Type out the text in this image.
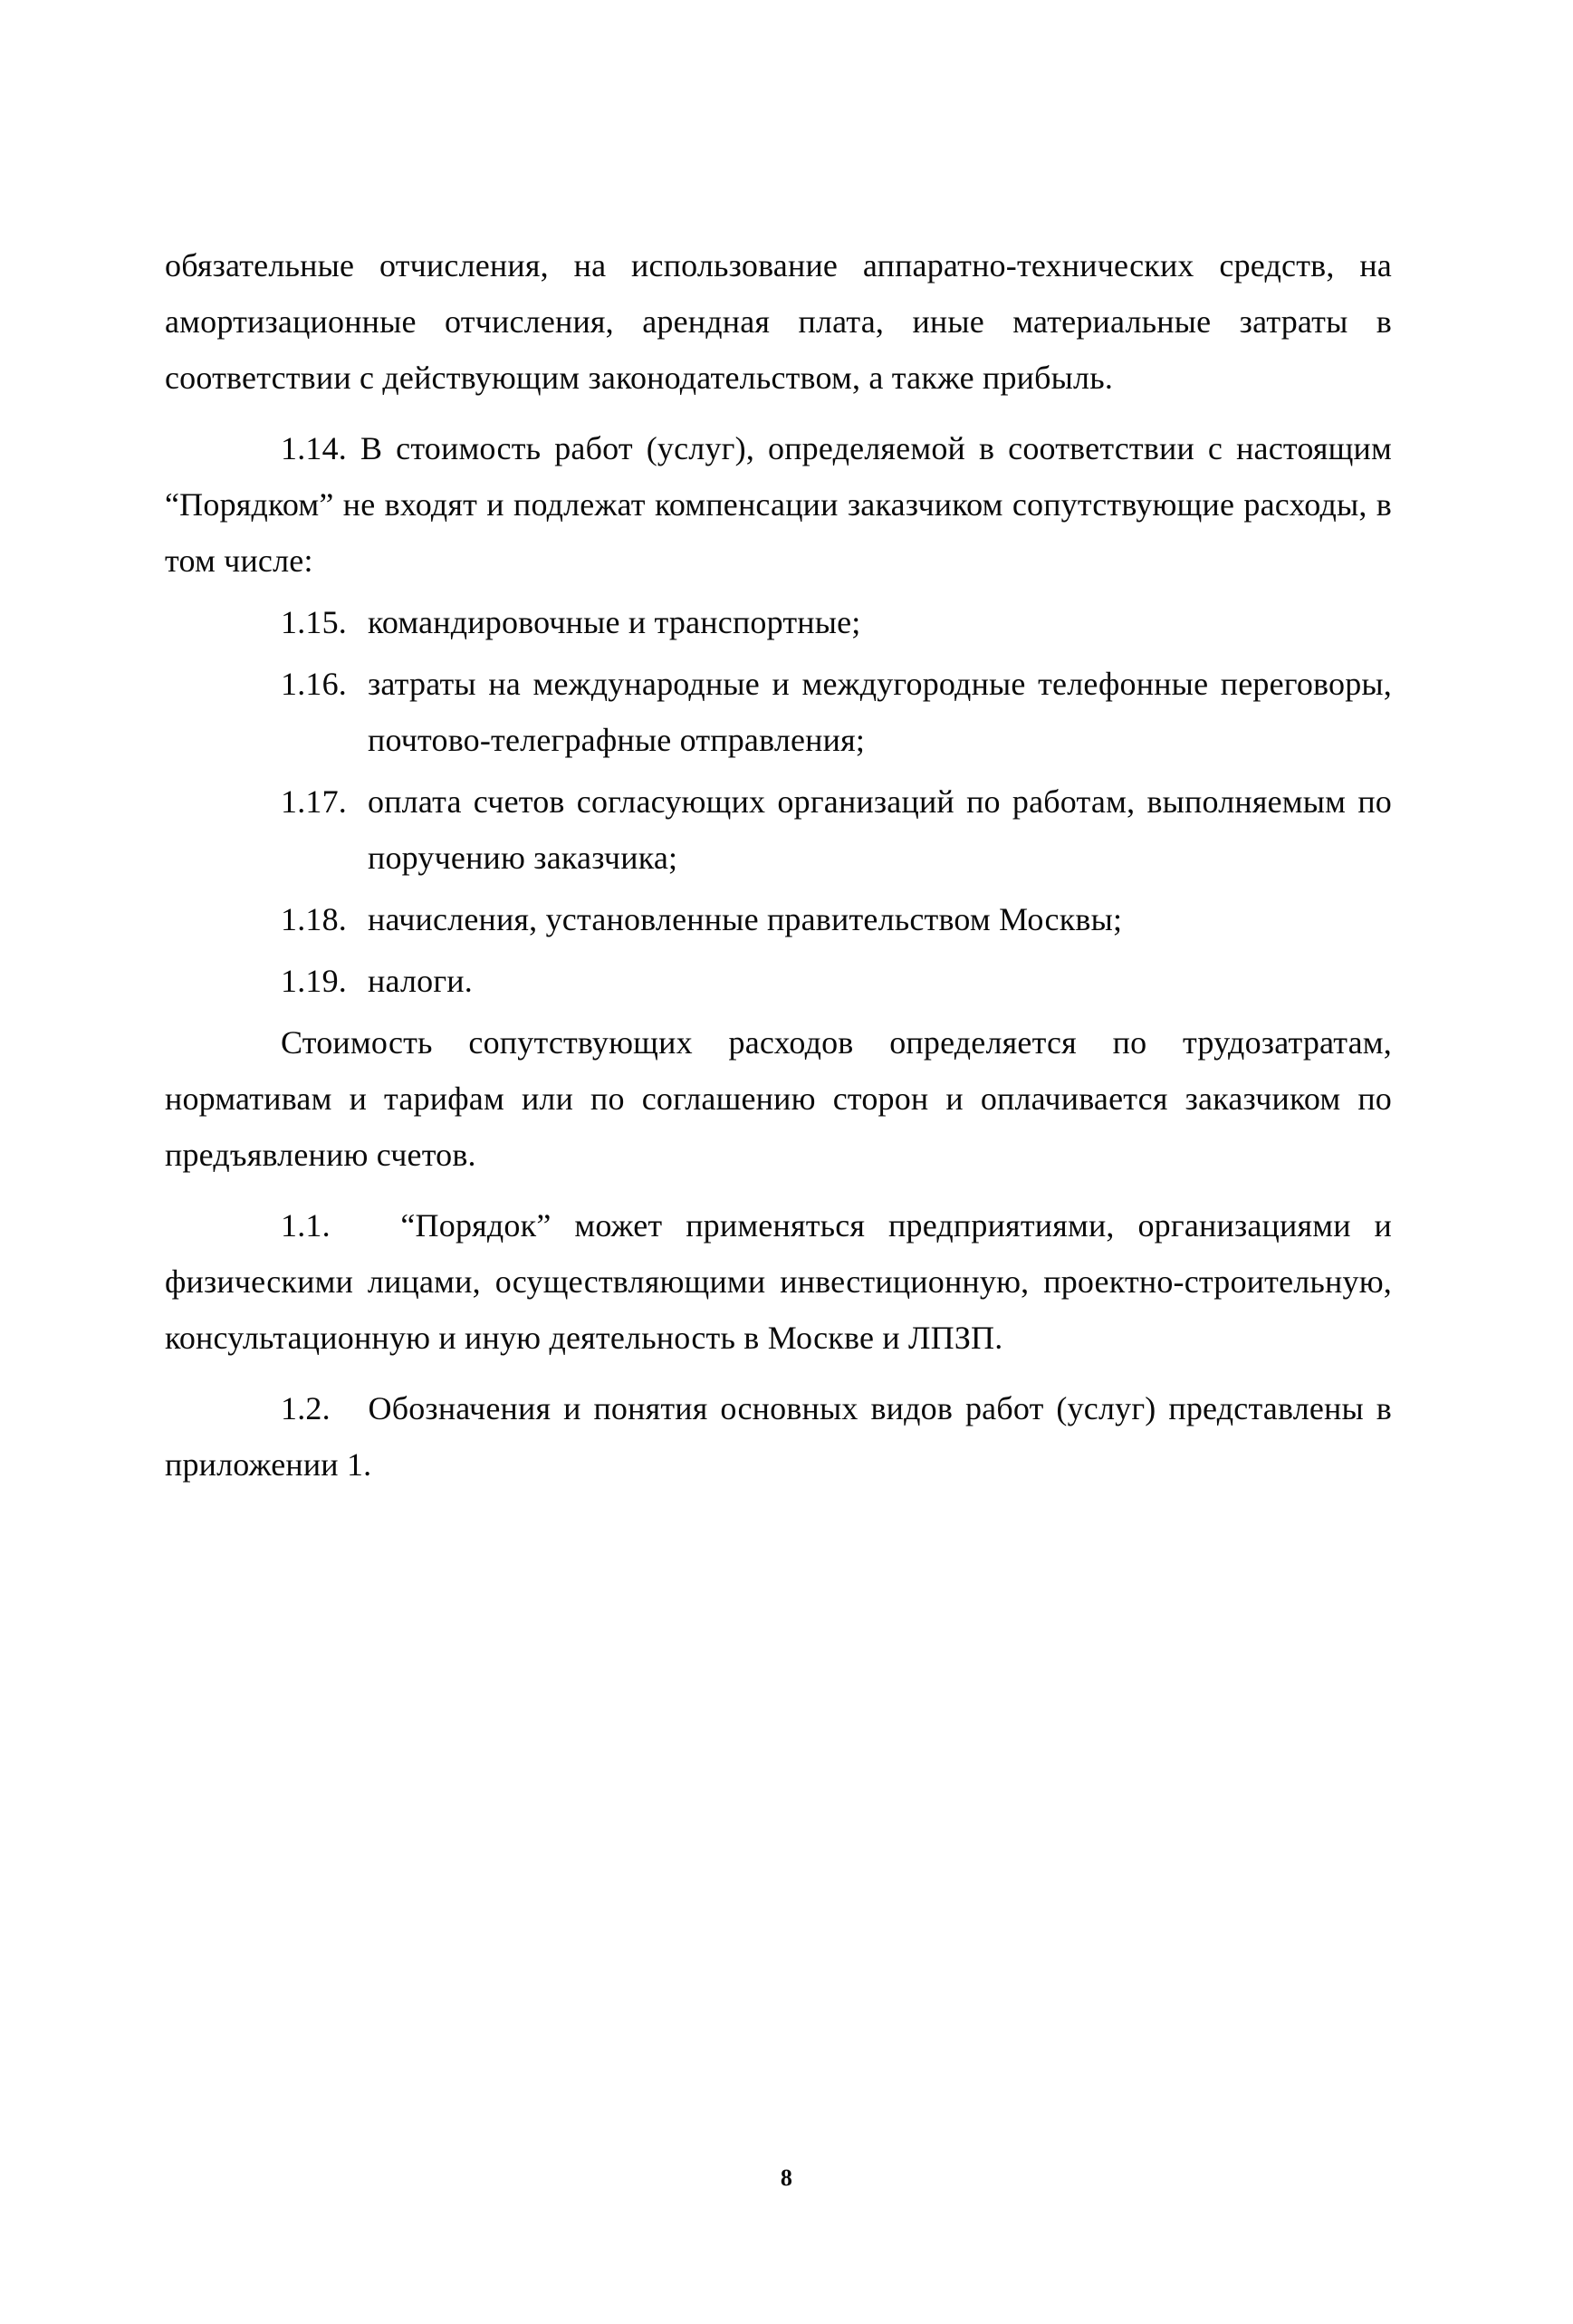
обязательные отчисления, на использование аппаратно-технических средств, на
амортизационные отчисления, арендная плата, иные материальные затраты в
соответствии с действующим законодательством, а также прибыль.
1.14. В стоимость работ (услуг), определяемой в соответствии с настоящим
“Порядком” не входят и подлежат компенсации заказчиком сопутствующие расходы, в
том числе:
1.15. командировочные и транспортные;
1.16. затраты на международные и междугородные телефонные переговоры,
почтово-телеграфные отправления;
1.17. оплата счетов согласующих организаций по работам, выполняемым по
поручению заказчика;
1.18. начисления, установленные правительством Москвы;
1.19. налоги.
Стоимость сопутствующих расходов определяется по трудозатратам,
нормативам и тарифам или по соглашению сторон и оплачивается заказчиком по
предъявлению счетов.
1.1. “Порядок” может применяться предприятиями, организациями и
физическими лицами, осуществляющими инвестиционную, проектно-строительную,
консультационную и иную деятельность в Москве и ЛПЗП.
1.2. Обозначения и понятия основных видов работ (услуг) представлены в
приложении 1.
8
